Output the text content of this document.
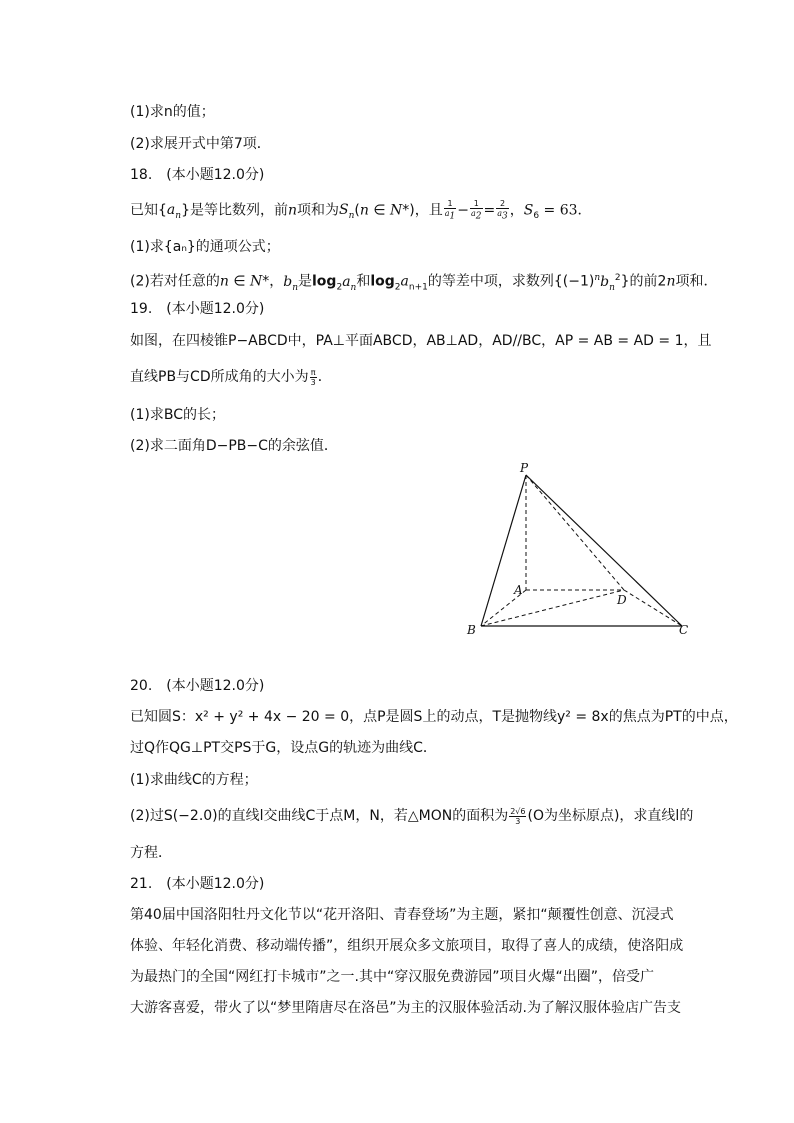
(1)求n的值；
(2)求展开式中第7项．
18.　(本小题12.0分)
已知$\{a_n\}$是等比数列，前n项和为$S_n(n$ ∈ N*)，且 $\frac{1}{a_1} - \frac{1}{a_2} = \frac{2}{a_3}$ ，$S_6 = 63$．
(1)求{aₙ}的通项公式；
(2)若对任意的n ∈ N*，$b_n$是$\log_2a_n$和$\log_2a_{n+1}$的等差中项，求数列$\{(-1)^nb_n^2\}$的前2n项和．
19.　(本小题12.0分)
如图，在四棱锥P−ABCD中，PA⊥平面ABCD，AB⊥AD，AD//BC，AP = AB = AD = 1，且
直线PB与CD所成角的大小为 $\frac{\pi}{3}$ ．
(1)求BC的长；
(2)求二面角D−PB−C的余弦值．
P
A
B	C
D
20.　(本小题12.0分)
已知圆S：x² + y² + 4x − 20 = 0，点P是圆S上的动点，T是抛物线y² = 8x的焦点为PT的中点，
过Q作QG⊥PT交PS于G，设点G的轨迹为曲线C．
(1)求曲线C的方程；
(2)过S(−2.0)的直线l交曲线C于点M，N，若△MON的面积为 $\frac{2√6}{3} (O$为坐标原点)，求直线l的
方程．
21.　(本小题12.0分)
第40届中国洛阳牡丹文化节以“花开洛阳、青春登场”为主题，紧扣“颠覆性创意、沉浸式
体验、年轻化消费、移动端传播”，组织开展众多文旅项目，取得了喜人的成绩，使洛阳成
为最热门的全国“网红打卡城市”之一.其中“穿汉服免费游园”项目火爆“出圈”，倍受广
大游客喜爱，带火了以“梦里隋唐尽在洛邑”为主的汉服体验活动.为了解汉服体验店广告支
